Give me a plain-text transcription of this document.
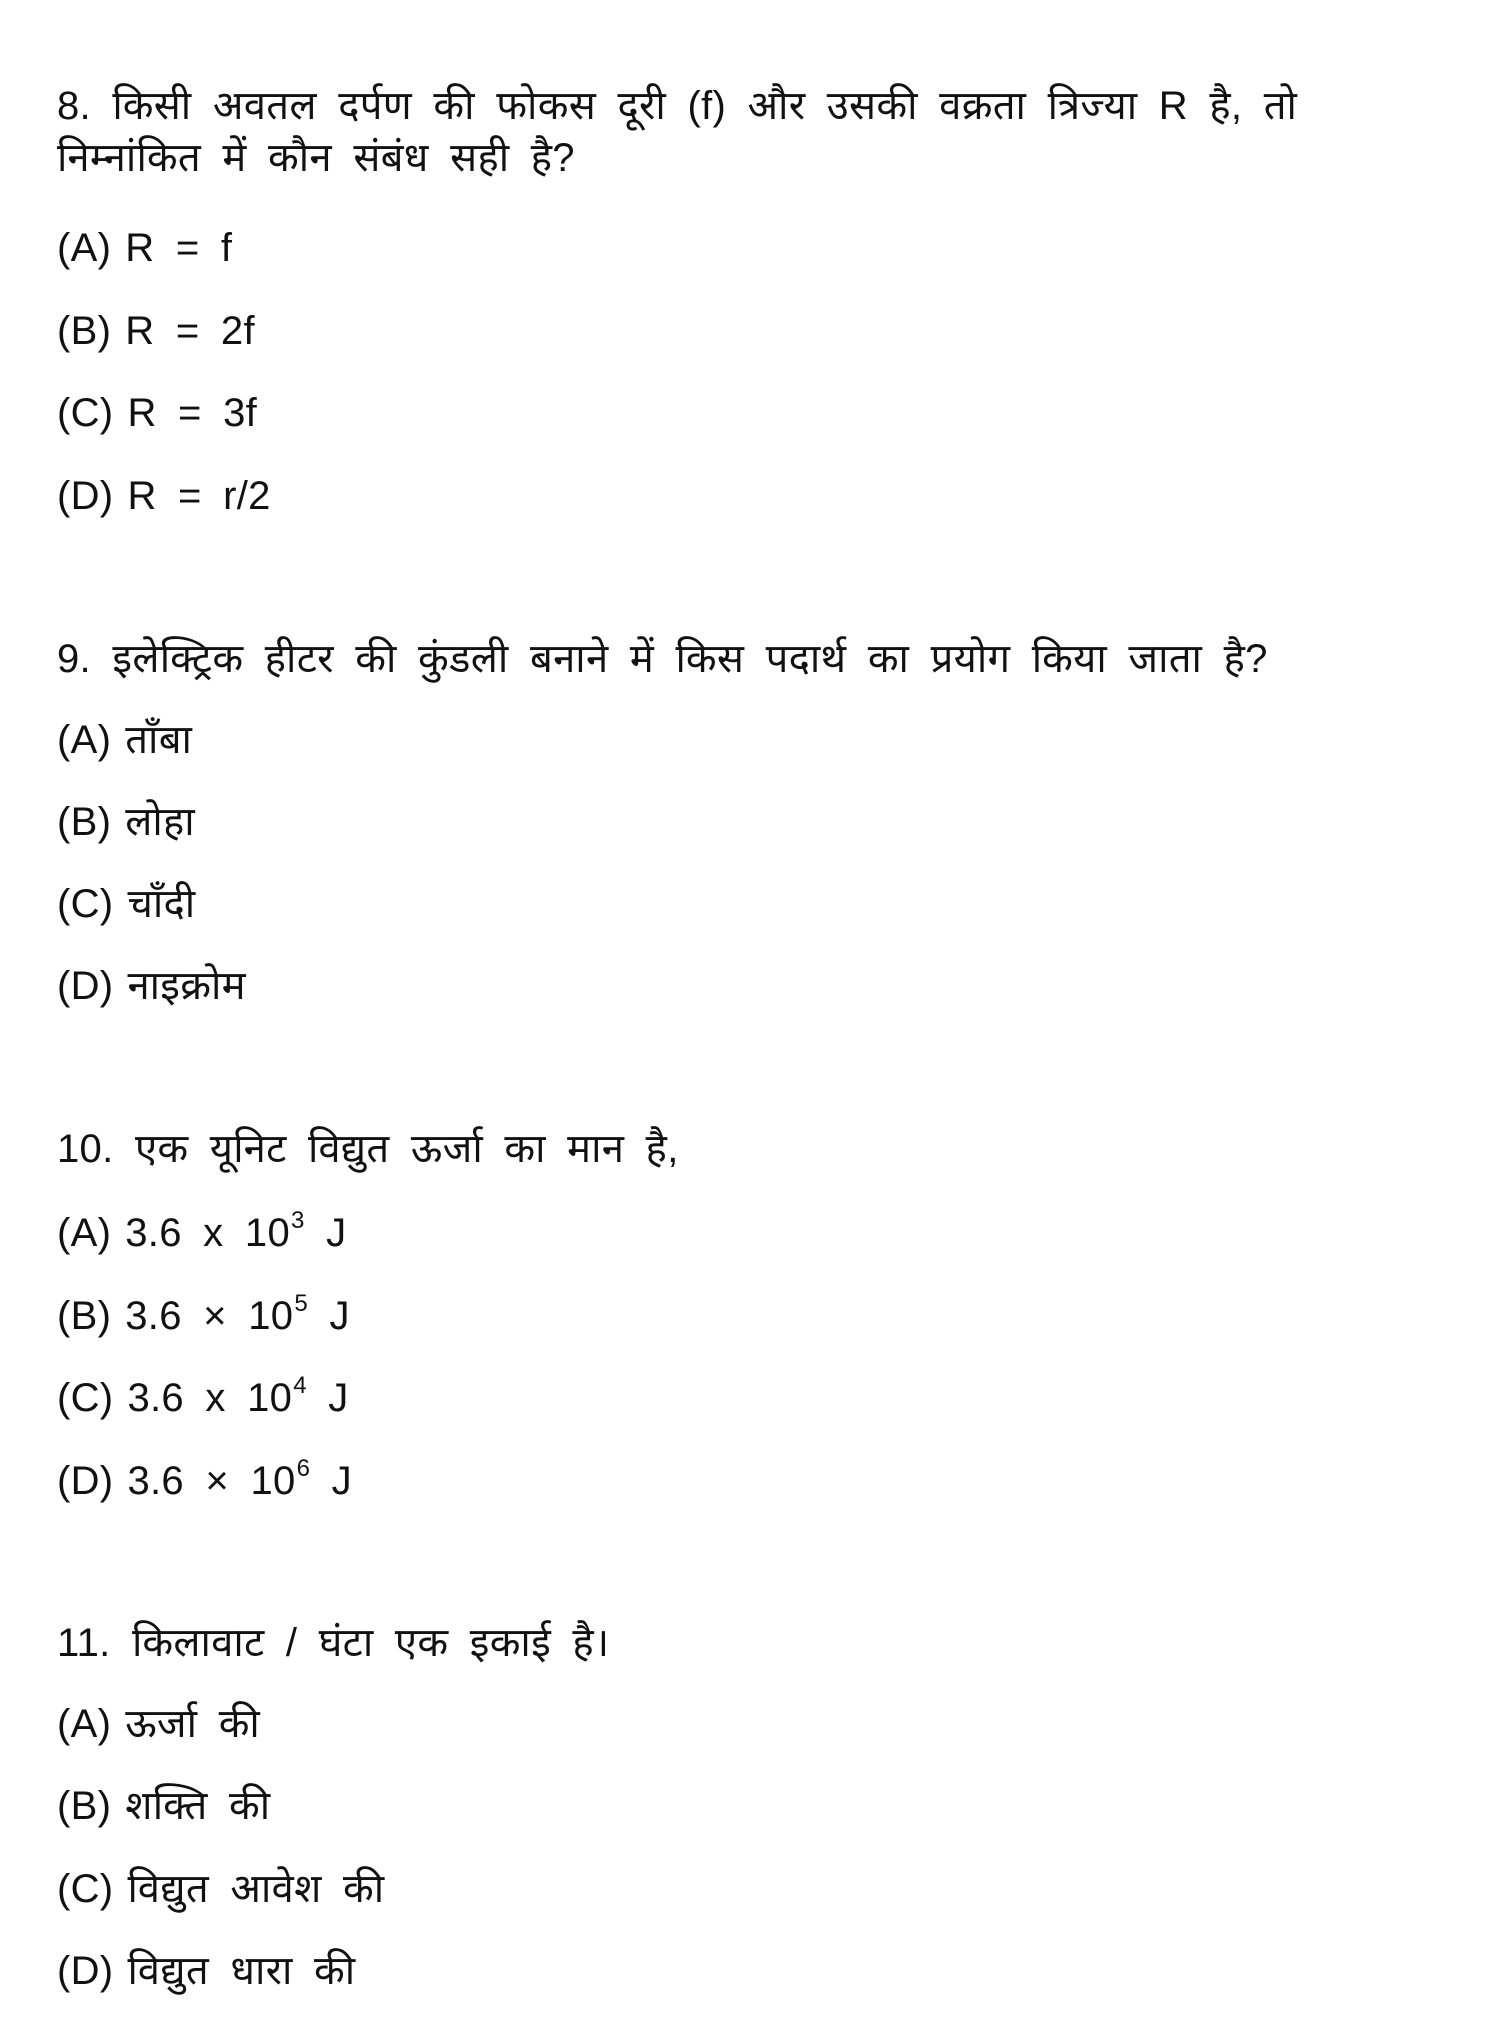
8. किसी अवतल दर्पण की फोकस दूरी (f) और उसकी वक्रता त्रिज्या R है, तो
निम्नांकित में कौन संबंध सही है?
(A) R = f
(B) R = 2f
(C) R = 3f
(D) R = r/2
9. इलेक्ट्रिक हीटर की कुंडली बनाने में किस पदार्थ का प्रयोग किया जाता है?
(A) ताँबा
(B) लोहा
(C) चाँदी
(D) नाइक्रोम
10. एक यूनिट विद्युत ऊर्जा का मान है,
(A) 3.6 x $10^3$ J
(B) $3.6 \times 10^5$ J
(C) 3.6 x $10^4$ J
(D) $3.6 \times 10^6$ J
11. किलावाट / घंटा एक इकाई है।
(A) ऊर्जा की
(B) शक्ति की
(C) विद्युत आवेश की
(D) विद्युत धारा की
